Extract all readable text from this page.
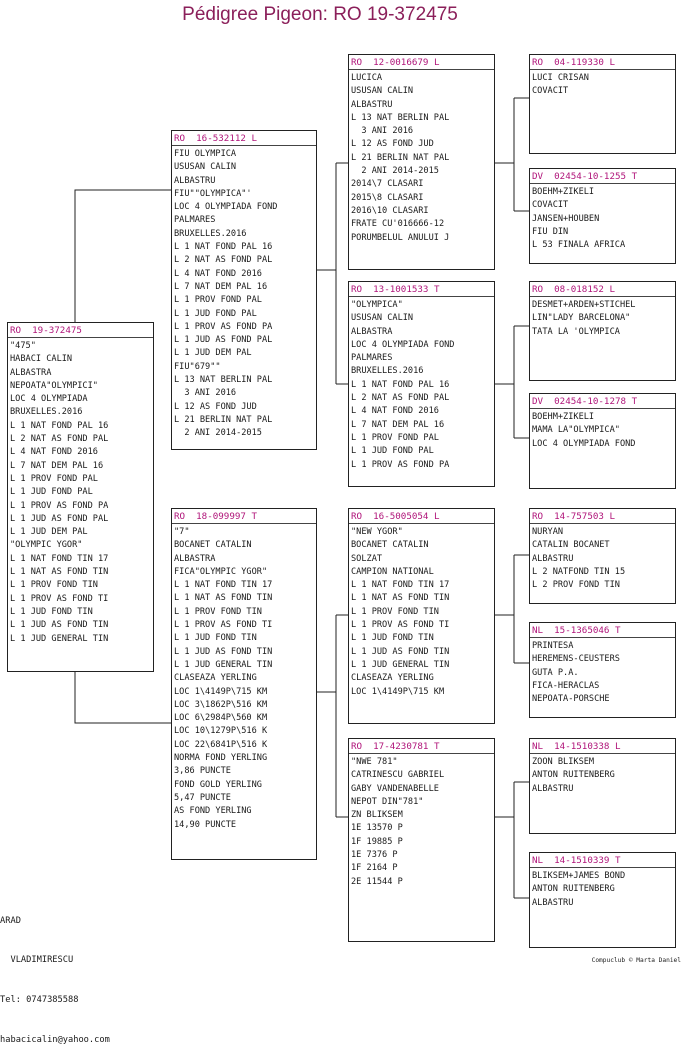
Pédigree Pigeon: RO 19-372475
RO  19-372475
"475"
HABACI CALIN
ALBASTRA
NEPOATA"OLYMPICI"
LOC 4 OLYMPIADA
BRUXELLES.2016
L 1 NAT FOND PAL 16
L 2 NAT AS FOND PAL
L 4 NAT FOND 2016
L 7 NAT DEM PAL 16
L 1 PROV FOND PAL
L 1 JUD FOND PAL
L 1 PROV AS FOND PA
L 1 JUD AS FOND PAL
L 1 JUD DEM PAL
"OLYMPIC YGOR"
L 1 NAT FOND TIN 17
L 1 NAT AS FOND TIN
L 1 PROV FOND TIN
L 1 PROV AS FOND TI
L 1 JUD FOND TIN
L 1 JUD AS FOND TIN
L 1 JUD GENERAL TIN
RO  16-532112 L
FIU OLYMPICA
USUSAN CALIN
ALBASTRU
FIU""OLYMPICA"'
LOC 4 OLYMPIADA FOND
PALMARES
BRUXELLES.2016
L 1 NAT FOND PAL 16
L 2 NAT AS FOND PAL
L 4 NAT FOND 2016
L 7 NAT DEM PAL 16
L 1 PROV FOND PAL
L 1 JUD FOND PAL
L 1 PROV AS FOND PA
L 1 JUD AS FOND PAL
L 1 JUD DEM PAL
FIU"679""
L 13 NAT BERLIN PAL
3 ANI 2016
L 12 AS FOND JUD
L 21 BERLIN NAT PAL
2 ANI 2014-2015
RO  18-099997 T
"7"
BOCANET CATALIN
ALBASTRA
FICA"OLYMPIC YGOR"
L 1 NAT FOND TIN 17
L 1 NAT AS FOND TIN
L 1 PROV FOND TIN
L 1 PROV AS FOND TI
L 1 JUD FOND TIN
L 1 JUD AS FOND TIN
L 1 JUD GENERAL TIN
CLASEAZA YERLING
LOC 1\4149P\715 KM
LOC 3\1862P\516 KM
LOC 6\2984P\560 KM
LOC 10\1279P\516 K
LOC 22\6841P\516 K
NORMA FOND YERLING
3,86 PUNCTE
FOND GOLD YERLING
5,47 PUNCTE
AS FOND YERLING
14,90 PUNCTE
RO  12-0016679 L
LUCICA
USUSAN CALIN
ALBASTRU
L 13 NAT BERLIN PAL
3 ANI 2016
L 12 AS FOND JUD
L 21 BERLIN NAT PAL
2 ANI 2014-2015
2014\7 CLASARI
2015\8 CLASARI
2016\10 CLASARI
FRATE CU'016666-12
PORUMBELUL ANULUI J
RO  13-1001533 T
"OLYMPICA"
USUSAN CALIN
ALBASTRA
LOC 4 OLYMPIADA FOND
PALMARES
BRUXELLES.2016
L 1 NAT FOND PAL 16
L 2 NAT AS FOND PAL
L 4 NAT FOND 2016
L 7 NAT DEM PAL 16
L 1 PROV FOND PAL
L 1 JUD FOND PAL
L 1 PROV AS FOND PA
RO  16-5005054 L
"NEW YGOR"
BOCANET CATALIN
SOLZAT
CAMPION NATIONAL
L 1 NAT FOND TIN 17
L 1 NAT AS FOND TIN
L 1 PROV FOND TIN
L 1 PROV AS FOND TI
L 1 JUD FOND TIN
L 1 JUD AS FOND TIN
L 1 JUD GENERAL TIN
CLASEAZA YERLING
LOC 1\4149P\715 KM
RO  17-4230781 T
"NWE 781"
CATRINESCU GABRIEL
GABY VANDENABELLE
NEPOT DIN"781"
ZN BLIKSEM
1E 13570 P
1F 19885 P
1E 7376 P
1F 2164 P
2E 11544 P
RO  04-119330 L
LUCI CRISAN
COVACIT
DV  02454-10-1255 T
BOEHM+ZIKELI
COVACIT
JANSEN+HOUBEN
FIU DIN
L 53 FINALA AFRICA
RO  08-018152 L
DESMET+ARDEN+STICHEL
LIN"LADY BARCELONA"
TATA LA 'OLYMPICA
DV  02454-10-1278 T
BOEHM+ZIKELI
MAMA LA"OLYMPICA"
LOC 4 OLYMPIADA FOND
RO  14-757503 L
NURYAN
CATALIN BOCANET
ALBASTRU
L 2 NATFOND TIN 15
L 2 PROV FOND TIN
NL  15-1365046 T
PRINTESA
HEREMENS-CEUSTERS
GUTA P.A.
FICA-HERACLAS
NEPOATA-PORSCHE
NL  14-1510338 L
ZOON BLIKSEM
ANTON RUITENBERG
ALBASTRU
NL  14-1510339 T
BLIKSEM+JAMES BOND
ANTON RUITENBERG
ALBASTRU

ARAD

VLADIMIRESCU

Tel: 0747385588

habacicalin@yahoo.com

Compuclub © Marta Daniel
